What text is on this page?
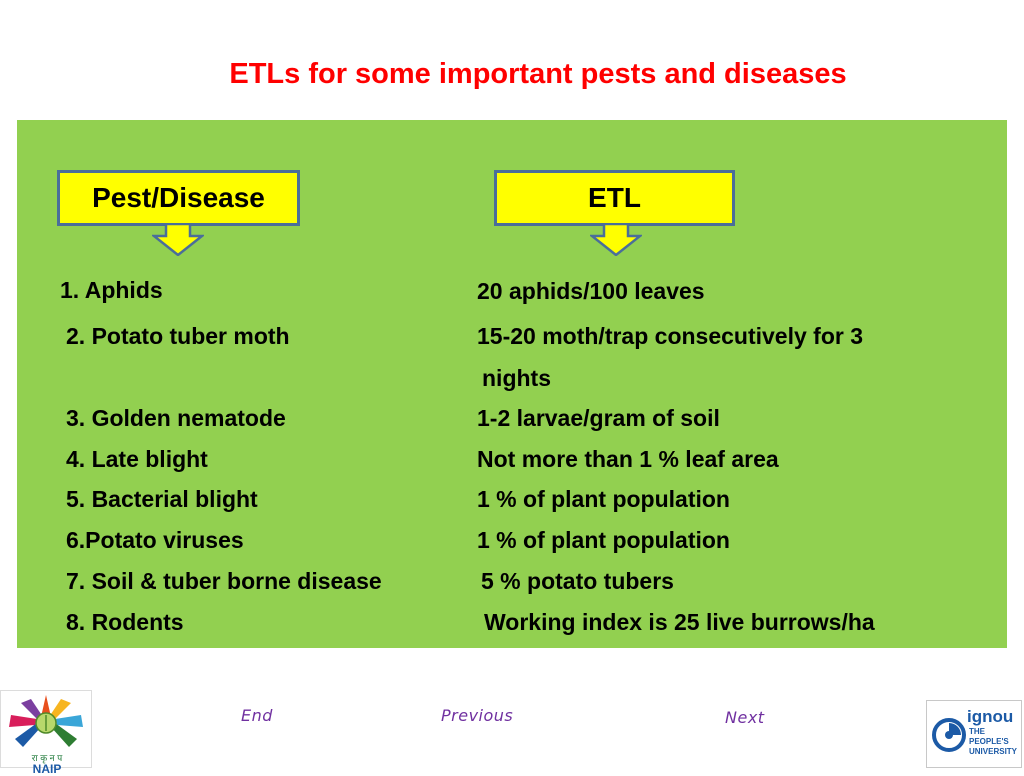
ETLs for some important pests and diseases
Pest/Disease	ETL
1. Aphids	20 aphids/100 leaves
2. Potato tuber moth	15-20 moth/trap consecutively for 3
nights
3. Golden nematode	1-2 larvae/gram of soil
4. Late blight	Not more than 1 % leaf area
5. Bacterial blight	1 % of plant population
6.Potato viruses	1 % of plant population
7. Soil & tuber borne disease	5 % potato tubers
8. Rodents	Working index is 25 live burrows/ha
End	Previous	Next
रा कृ न प
NAIP
ignou
THE PEOPLE'S
UNIVERSITY
